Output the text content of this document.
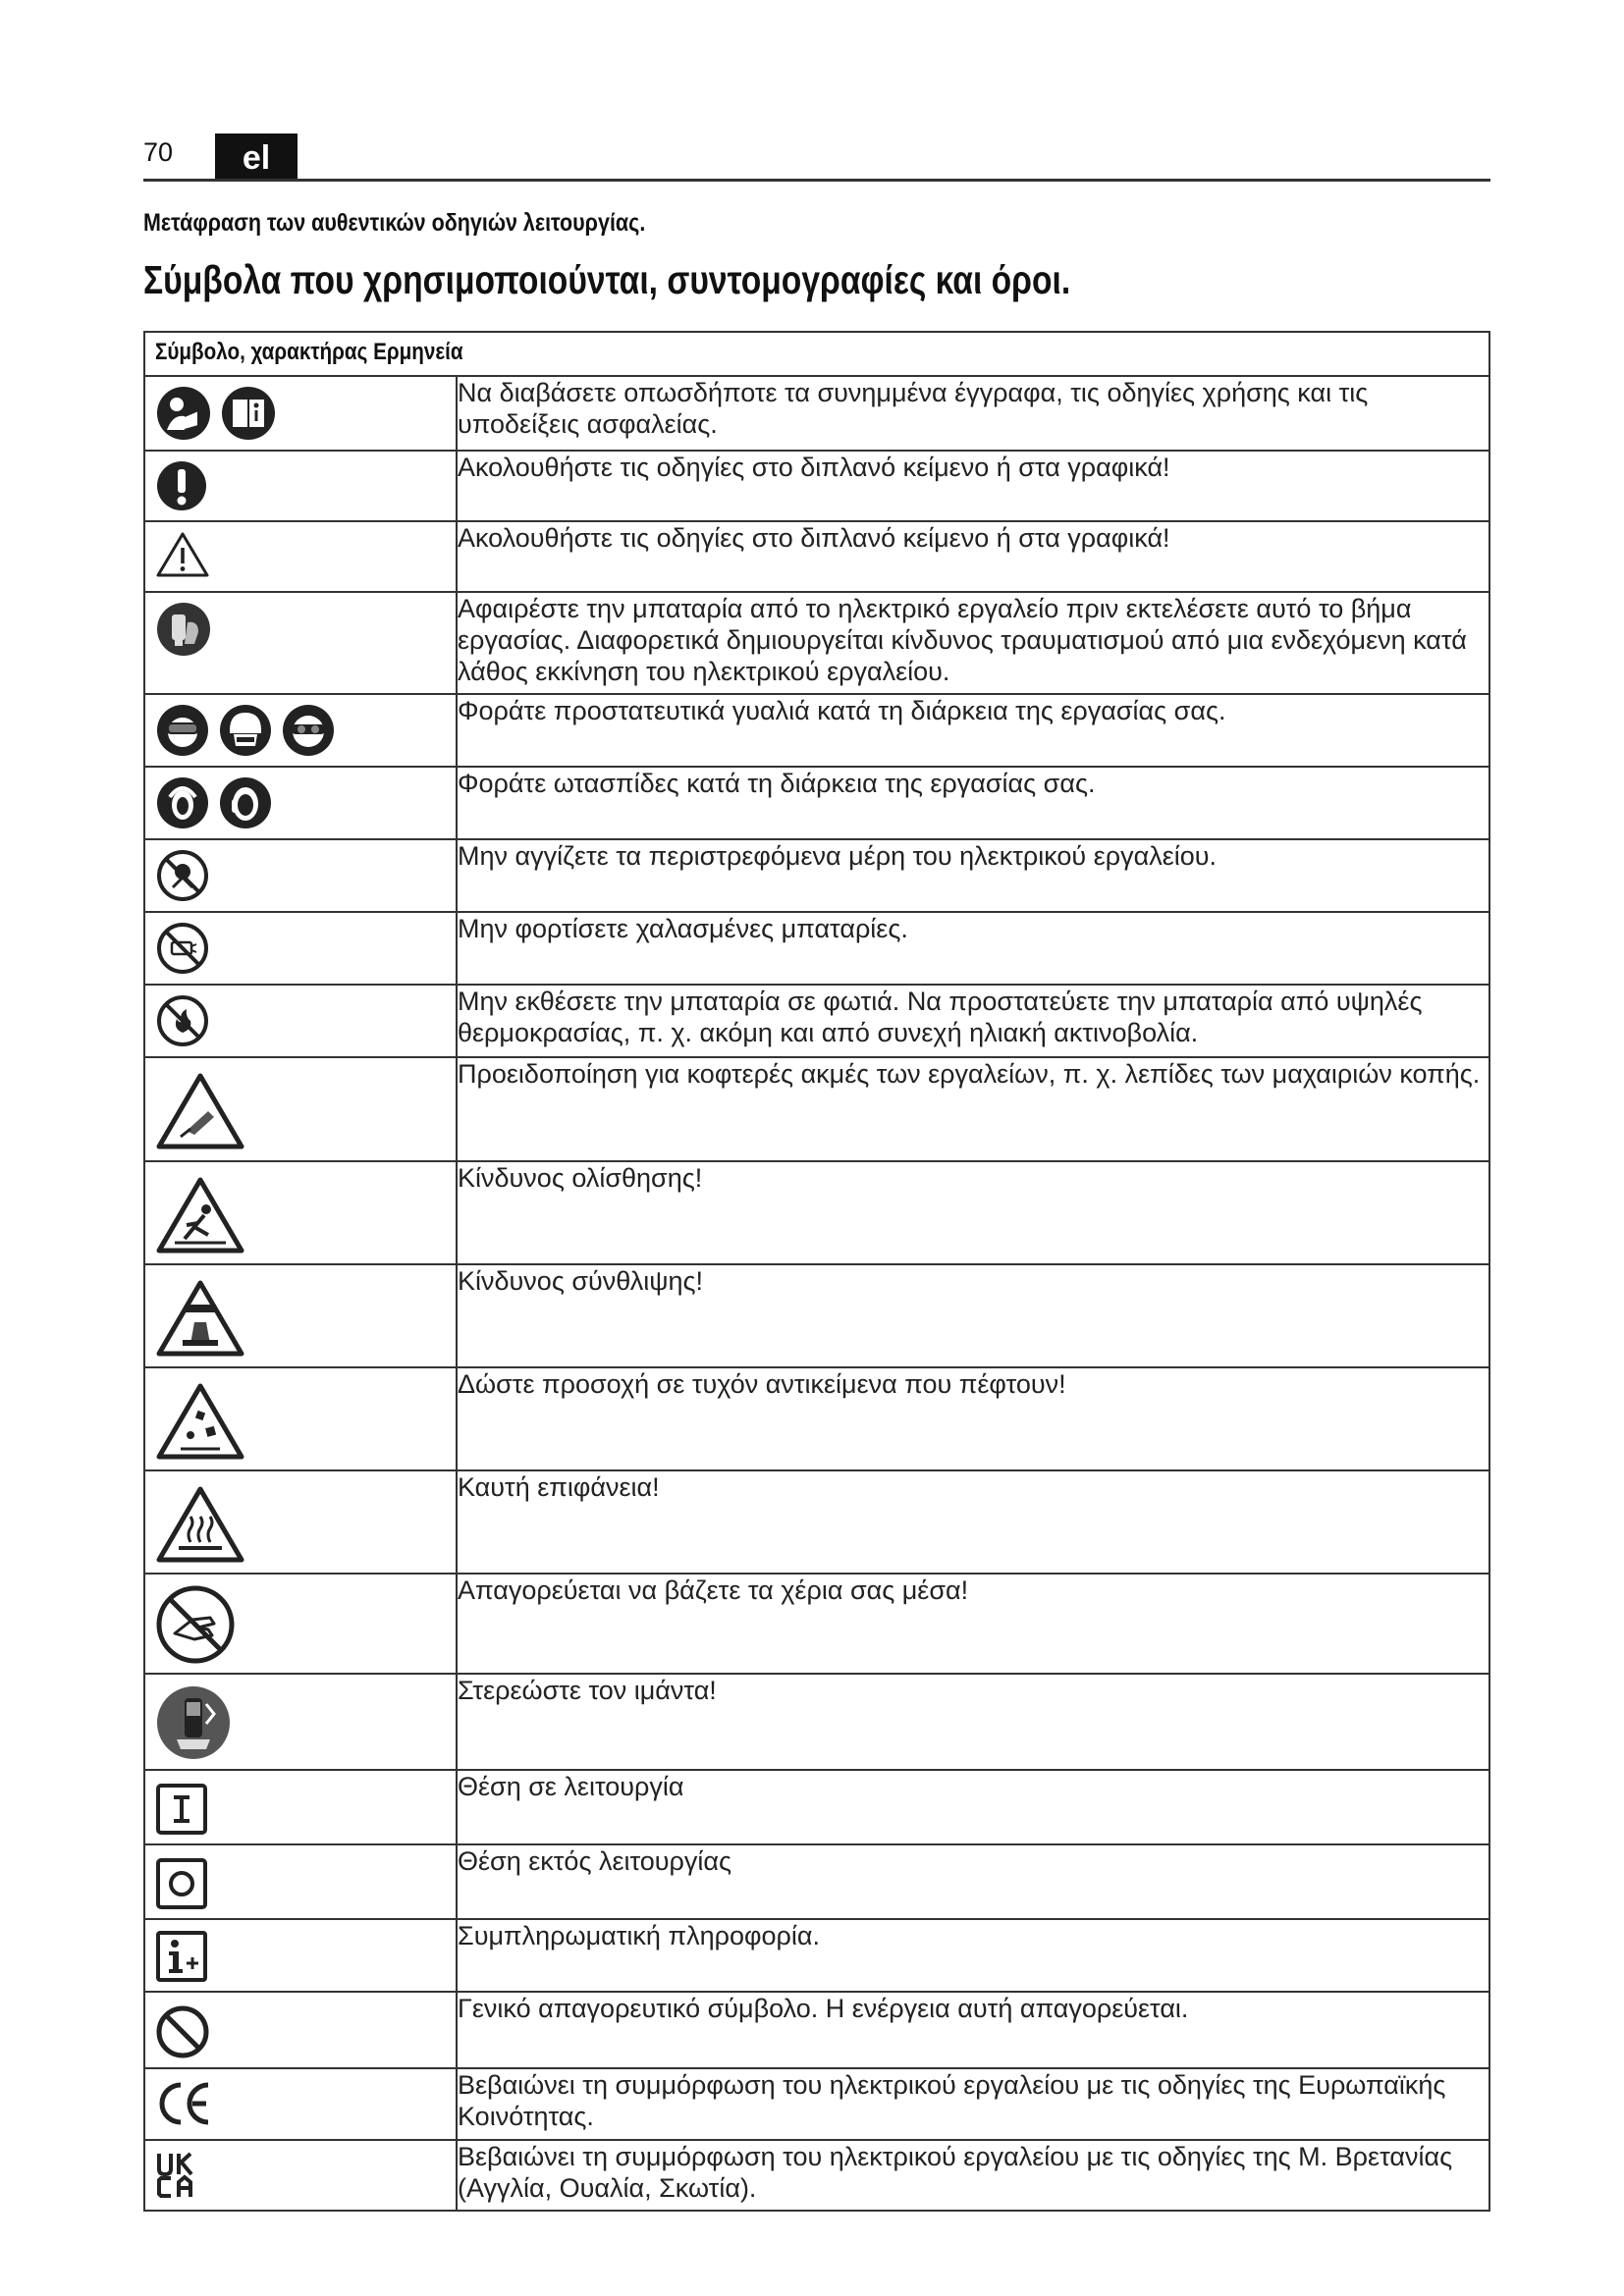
70	el
Μετάφραση των αυθεντικών οδηγιών λειτουργίας.
Σύμβολα που χρησιμοποιούνται, συντομογραφίες και όροι.
Σύμβολο, χαρακτήρας Ερμηνεία	

	Να διαβάσετε οπωσδήποτε τα συνημμένα έγγραφα, τις οδηγίες χρήσης και τις υποδείξεις ασφαλείας.

	Ακολουθήστε τις οδηγίες στο διπλανό κείμενο ή στα γραφικά!

	Ακολουθήστε τις οδηγίες στο διπλανό κείμενο ή στα γραφικά!

	Αφαιρέστε την μπαταρία από το ηλεκτρικό εργαλείο πριν εκτελέσετε αυτό το βήμα εργασίας. Διαφορετικά δημιουργείται κίνδυνος τραυματισμού από μια ενδεχόμενη κατά λάθος εκκίνηση του ηλεκτρικού εργαλείου.

	Φοράτε προστατευτικά γυαλιά κατά τη διάρκεια της εργασίας σας.

	Φοράτε ωτασπίδες κατά τη διάρκεια της εργασίας σας.

	Μην αγγίζετε τα περιστρεφόμενα μέρη του ηλεκτρικού εργαλείου.

	Μην φορτίσετε χαλασμένες μπαταρίες.

	Μην εκθέσετε την μπαταρία σε φωτιά. Να προστατεύετε την μπαταρία από υψηλές θερμοκρασίας, π. χ. ακόμη και από συνεχή ηλιακή ακτινοβολία.

	Προειδοποίηση για κοφτερές ακμές των εργαλείων, π. χ. λεπίδες των μαχαιριών κοπής.

	Κίνδυνος ολίσθησης!

	Κίνδυνος σύνθλιψης!

	Δώστε προσοχή σε τυχόν αντικείμενα που πέφτουν!

	Καυτή επιφάνεια!

	Απαγορεύεται να βάζετε τα χέρια σας μέσα!

	Στερεώστε τον ιμάντα!

	Θέση σε λειτουργία

	Θέση εκτός λειτουργίας

	Συμπληρωματική πληροφορία.

	Γενικό απαγορευτικό σύμβολο. Η ενέργεια αυτή απαγορεύεται.

	Βεβαιώνει τη συμμόρφωση του ηλεκτρικού εργαλείου με τις οδηγίες της Ευρωπαϊκής Κοινότητας.

	Βεβαιώνει τη συμμόρφωση του ηλεκτρικού εργαλείου με τις οδηγίες της Μ. Βρετανίας (Αγγλία, Ουαλία, Σκωτία).
